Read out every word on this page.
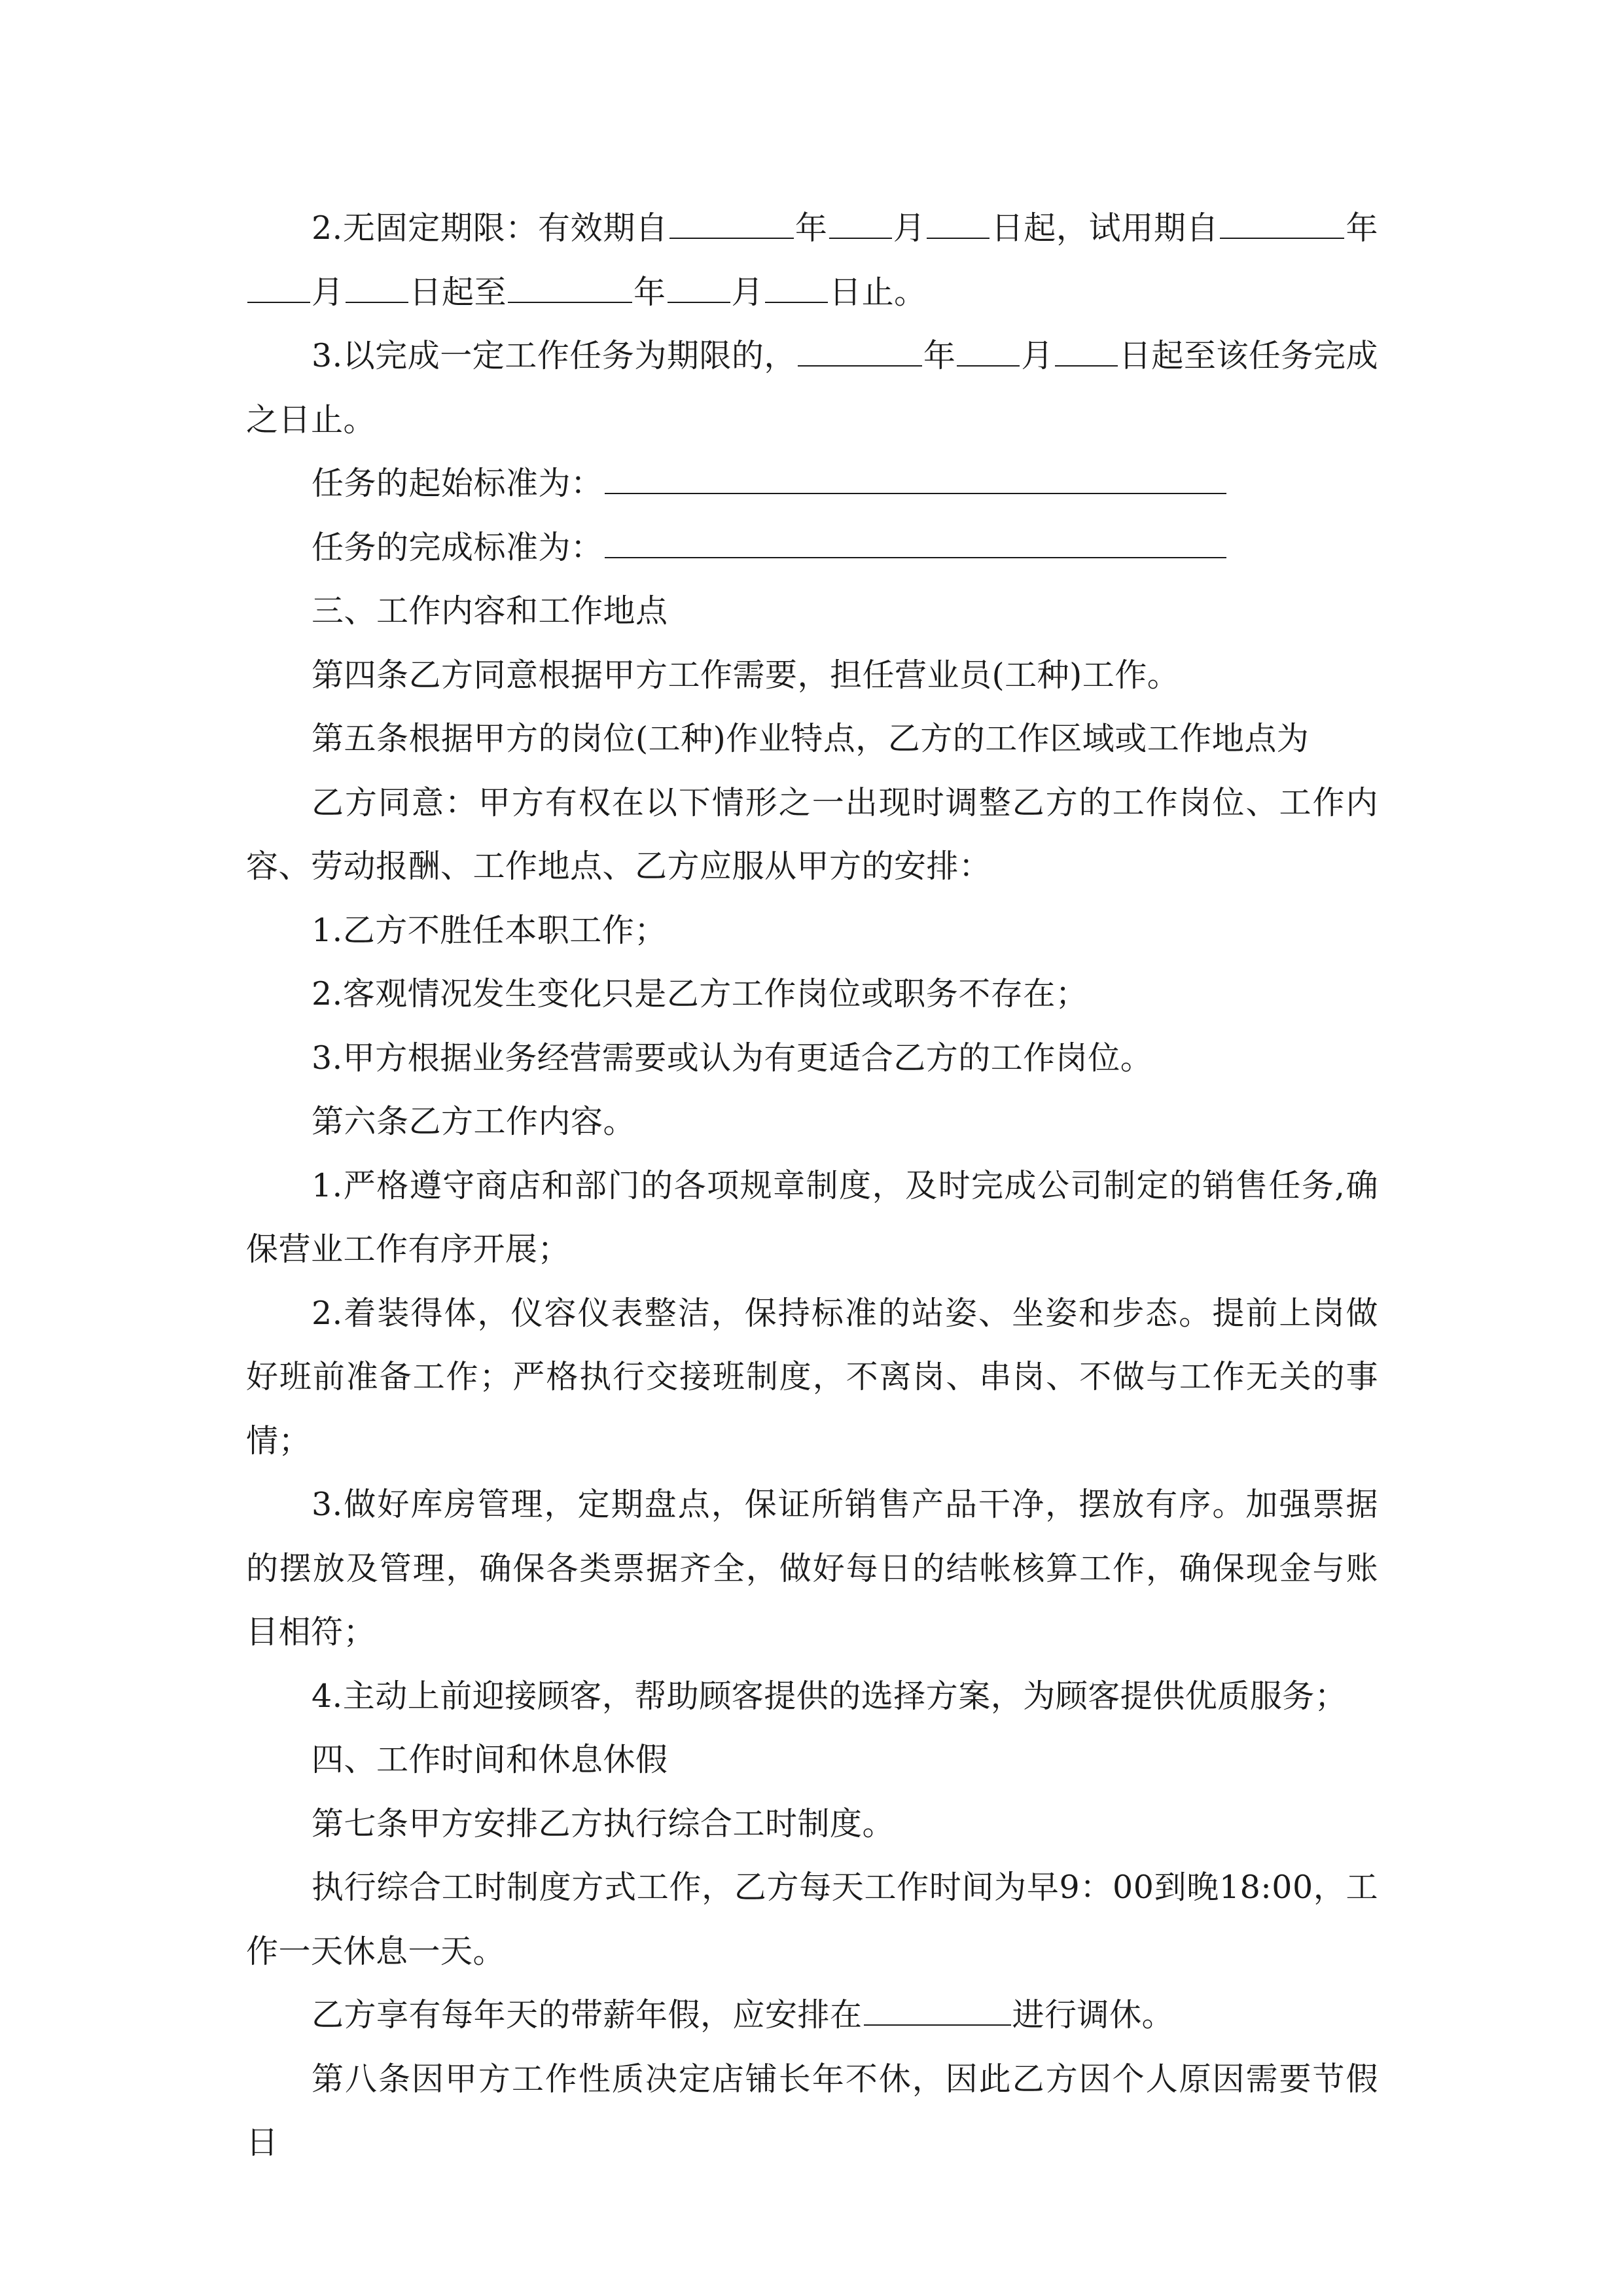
2.无固定期限：有效期自	年 月 日起，试用期自	年月 日起至	年 月 日止。

3.以完成一定工作任务为期限的，	年 月 日起至该任务完成之日止。

任务的起始标准为：

任务的完成标准为：

三、工作内容和工作地点

第四条乙方同意根据甲方工作需要，担任营业员(工种)工作。

第五条根据甲方的岗位(工种)作业特点，乙方的工作区域或工作地点为

乙方同意：甲方有权在以下情形之一出现时调整乙方的工作岗位、工作内容、劳动报酬、工作地点、乙方应服从甲方的安排：

1.乙方不胜任本职工作；

2.客观情况发生变化只是乙方工作岗位或职务不存在；

3.甲方根据业务经营需要或认为有更适合乙方的工作岗位。

第六条乙方工作内容。

1.严格遵守商店和部门的各项规章制度，及时完成公司制定的销售任务,确保营业工作有序开展；

2.着装得体，仪容仪表整洁，保持标准的站姿、坐姿和步态。提前上岗做好班前准备工作；严格执行交接班制度，不离岗、串岗、不做与工作无关的事情；

3.做好库房管理，定期盘点，保证所销售产品干净，摆放有序。加强票据的摆放及管理，确保各类票据齐全，做好每日的结帐核算工作，确保现金与账目相符；

4.主动上前迎接顾客，帮助顾客提供的选择方案，为顾客提供优质服务；

四、工作时间和休息休假

第七条甲方安排乙方执行综合工时制度。

执行综合工时制度方式工作，乙方每天工作时间为早9：00到晚18:00，工作一天休息一天。

乙方享有每年天的带薪年假，应安排在	进行调休。

第八条因甲方工作性质决定店铺长年不休，因此乙方因个人原因需要节假日
